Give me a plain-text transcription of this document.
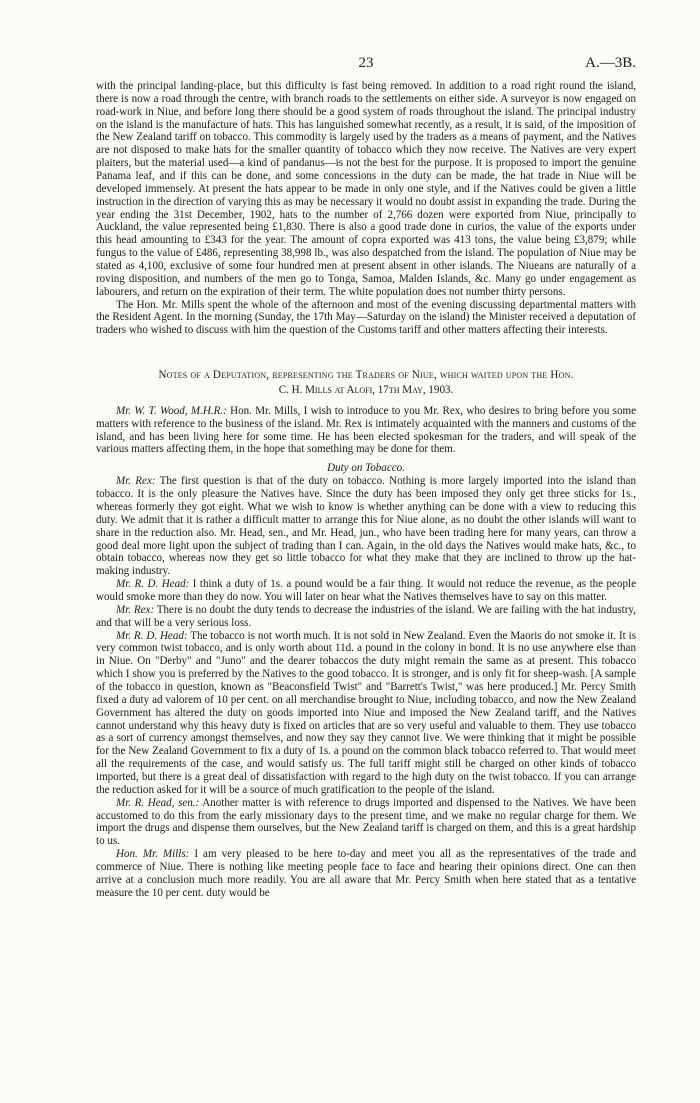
23	A.—3B.

with the principal landing-place, but this difficulty is fast being removed. In addition to a road right round the island, there is now a road through the centre, with branch roads to the settlements on either side. A surveyor is now engaged on road-work in Niue, and before long there should be a good system of roads throughout the island. The principal industry on the island is the manufacture of hats. This has languished somewhat recently, as a result, it is said, of the imposition of the New Zealand tariff on tobacco. This commodity is largely used by the traders as a means of payment, and the Natives are not disposed to make hats for the smaller quantity of tobacco which they now receive. The Natives are very expert plaiters, but the material used—a kind of pandanus—is not the best for the purpose. It is proposed to import the genuine Panama leaf, and if this can be done, and some concessions in the duty can be made, the hat trade in Niue will be developed immensely. At present the hats appear to be made in only one style, and if the Natives could be given a little instruction in the direction of varying this as may be necessary it would no doubt assist in expanding the trade. During the year ending the 31st December, 1902, hats to the number of 2,766 dozen were exported from Niue, principally to Auckland, the value represented being £1,830. There is also a good trade done in curios, the value of the exports under this head amounting to £343 for the year. The amount of copra exported was 413 tons, the value being £3,879; while fungus to the value of £486, representing 38,998 lb., was also despatched from the island. The population of Niue may be stated as 4,100, exclusive of some four hundred men at present absent in other islands. The Niueans are naturally of a roving disposition, and numbers of the men go to Tonga, Samoa, Malden Islands, &c. Many go under engagement as labourers, and return on the expiration of their term. The white population does not number thirty persons.

The Hon. Mr. Mills spent the whole of the afternoon and most of the evening discussing departmental matters with the Resident Agent. In the morning (Sunday, the 17th May—Saturday on the island) the Minister received a deputation of traders who wished to discuss with him the question of the Customs tariff and other matters affecting their interests.

Notes of a Deputation, representing the Traders of Niue, which waited upon the Hon.

C. H. Mills at Alofi, 17th May, 1903.

Mr. W. T. Wood, M.H.R.: Hon. Mr. Mills, I wish to introduce to you Mr. Rex, who desires to bring before you some matters with reference to the business of the island. Mr. Rex is intimately acquainted with the manners and customs of the island, and has been living here for some time. He has been elected spokesman for the traders, and will speak of the various matters affecting them, in the hope that something may be done for them.

Duty on Tobacco.

Mr. Rex: The first question is that of the duty on tobacco. Nothing is more largely imported into the island than tobacco. It is the only pleasure the Natives have. Since the duty has been imposed they only get three sticks for 1s., whereas formerly they got eight. What we wish to know is whether anything can be done with a view to reducing this duty. We admit that it is rather a difficult matter to arrange this for Niue alone, as no doubt the other islands will want to share in the reduction also. Mr. Head, sen., and Mr. Head, jun., who have been trading here for many years, can throw a good deal more light upon the subject of trading than I can. Again, in the old days the Natives would make hats, &c., to obtain tobacco, whereas now they get so little tobacco for what they make that they are inclined to throw up the hat-making industry.

Mr. R. D. Head: I think a duty of 1s. a pound would be a fair thing. It would not reduce the revenue, as the people would smoke more than they do now. You will later on hear what the Natives themselves have to say on this matter.

Mr. Rex: There is no doubt the duty tends to decrease the industries of the island. We are failing with the hat industry, and that will be a very serious loss.

Mr. R. D. Head: The tobacco is not worth much. It is not sold in New Zealand. Even the Maoris do not smoke it. It is very common twist tobacco, and is only worth about 11d. a pound in the colony in bond. It is no use anywhere else than in Niue. On "Derby" and "Juno" and the dearer tobaccos the duty might remain the same as at present. This tobacco which I show you is preferred by the Natives to the good tobacco. It is stronger, and is only fit for sheep-wash. [A sample of the tobacco in question, known as "Beaconsfield Twist" and "Barrett's Twist," was here produced.] Mr. Percy Smith fixed a duty ad valorem of 10 per cent. on all merchandise brought to Niue, including tobacco, and now the New Zealand Government has altered the duty on goods imported into Niue and imposed the New Zealand tariff, and the Natives cannot understand why this heavy duty is fixed on articles that are so very useful and valuable to them. They use tobacco as a sort of currency amongst themselves, and now they say they cannot live. We were thinking that it might be possible for the New Zealand Government to fix a duty of 1s. a pound on the common black tobacco referred to. That would meet all the requirements of the case, and would satisfy us. The full tariff might still be charged on other kinds of tobacco imported, but there is a great deal of dissatisfaction with regard to the high duty on the twist tobacco. If you can arrange the reduction asked for it will be a source of much gratification to the people of the island.

Mr. R. Head, sen.: Another matter is with reference to drugs imported and dispensed to the Natives. We have been accustomed to do this from the early missionary days to the present time, and we make no regular charge for them. We import the drugs and dispense them ourselves, but the New Zealand tariff is charged on them, and this is a great hardship to us.

Hon. Mr. Mills: I am very pleased to be here to-day and meet you all as the representatives of the trade and commerce of Niue. There is nothing like meeting people face to face and hearing their opinions direct. One can then arrive at a conclusion much more readily. You are all aware that Mr. Percy Smith when here stated that as a tentative measure the 10 per cent. duty would be
